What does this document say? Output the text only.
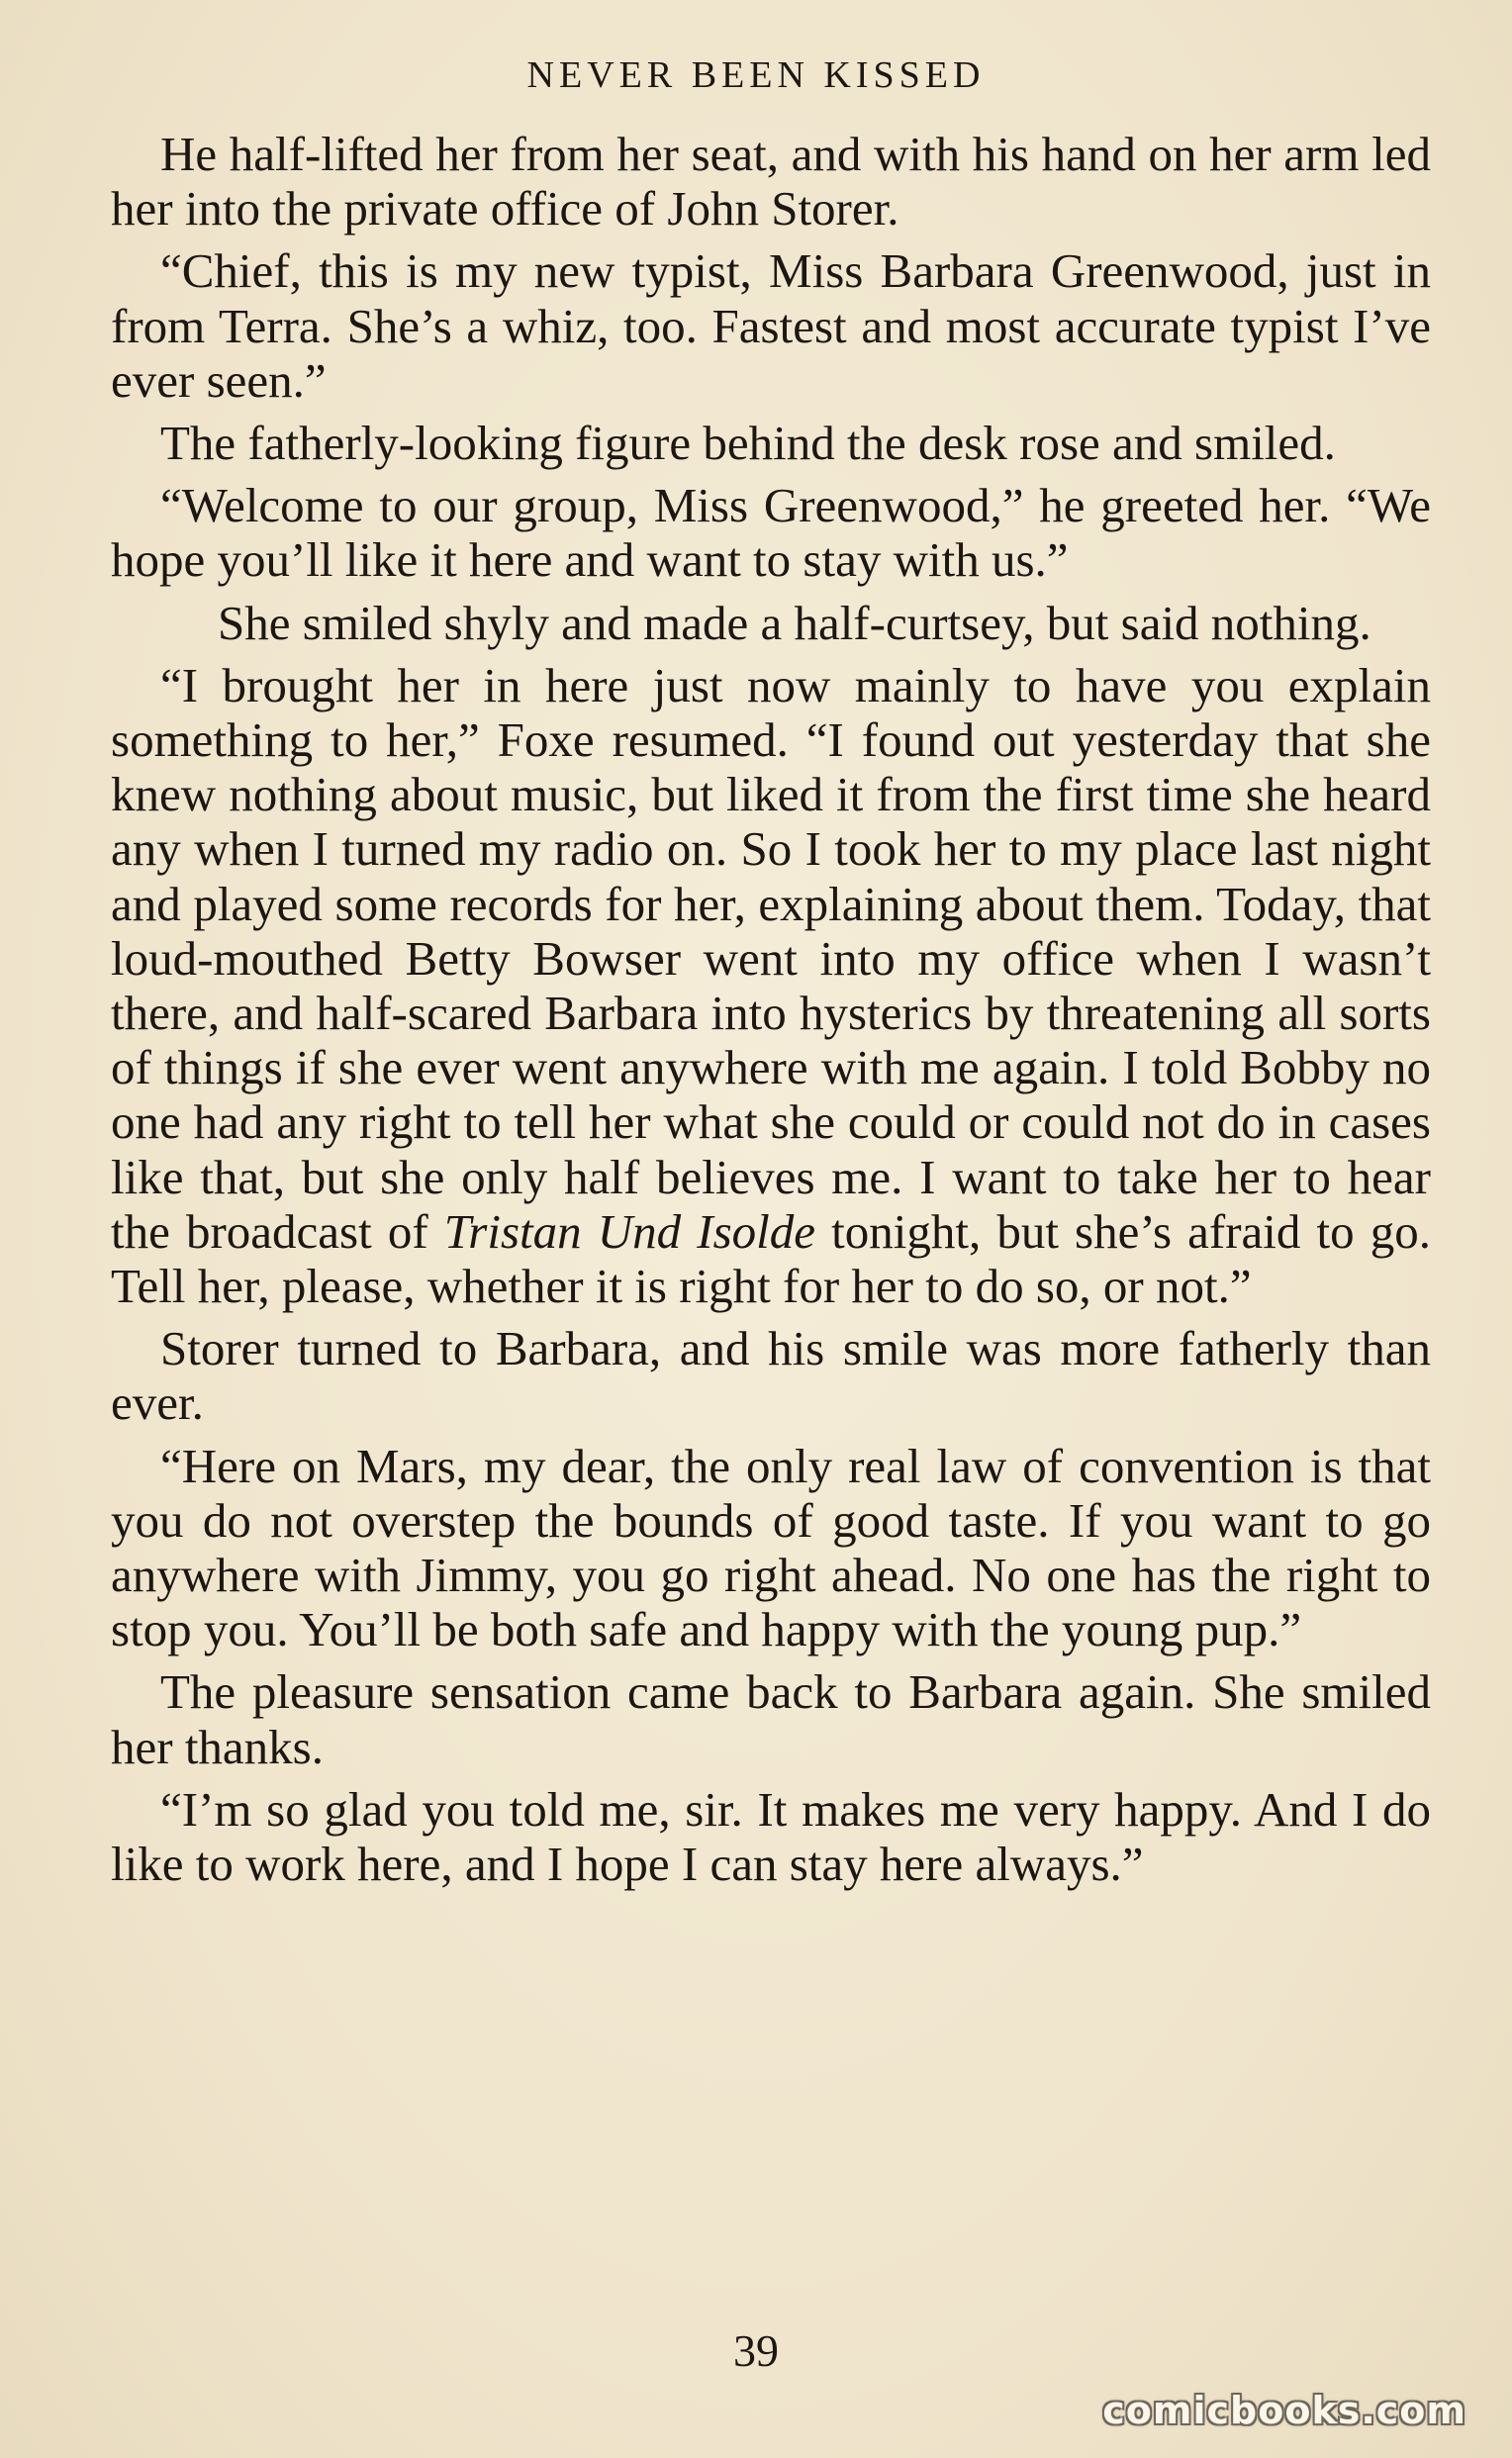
NEVER BEEN KISSED

He half-lifted her from her seat, and with his hand on her arm led her into the private office of John Storer.

“Chief, this is my new typist, Miss Barbara Greenwood, just in from Terra. She’s a whiz, too. Fastest and most accurate typist I’ve ever seen.”

The fatherly-looking figure behind the desk rose and smiled.

“Welcome to our group, Miss Greenwood,” he greeted her. “We hope you’ll like it here and want to stay with us.”

She smiled shyly and made a half-curtsey, but said nothing.

“I brought her in here just now mainly to have you explain something to her,” Foxe resumed. “I found out yesterday that she knew nothing about music, but liked it from the first time she heard any when I turned my radio on. So I took her to my place last night and played some records for her, explaining about them. Today, that loud-mouthed Betty Bowser went into my office when I wasn’t there, and half-scared Barbara into hysterics by threatening all sorts of things if she ever went anywhere with me again. I told Bobby no one had any right to tell her what she could or could not do in cases like that, but she only half believes me. I want to take her to hear the broadcast of Tristan Und Isolde tonight, but she’s afraid to go. Tell her, please, whether it is right for her to do so, or not.”

Storer turned to Barbara, and his smile was more fatherly than ever.

“Here on Mars, my dear, the only real law of convention is that you do not overstep the bounds of good taste. If you want to go anywhere with Jimmy, you go right ahead. No one has the right to stop you. You’ll be both safe and happy with the young pup.”

The pleasure sensation came back to Barbara again. She smiled her thanks.

“I’m so glad you told me, sir. It makes me very happy. And I do like to work here, and I hope I can stay here always.”

39
comicbooks.com
